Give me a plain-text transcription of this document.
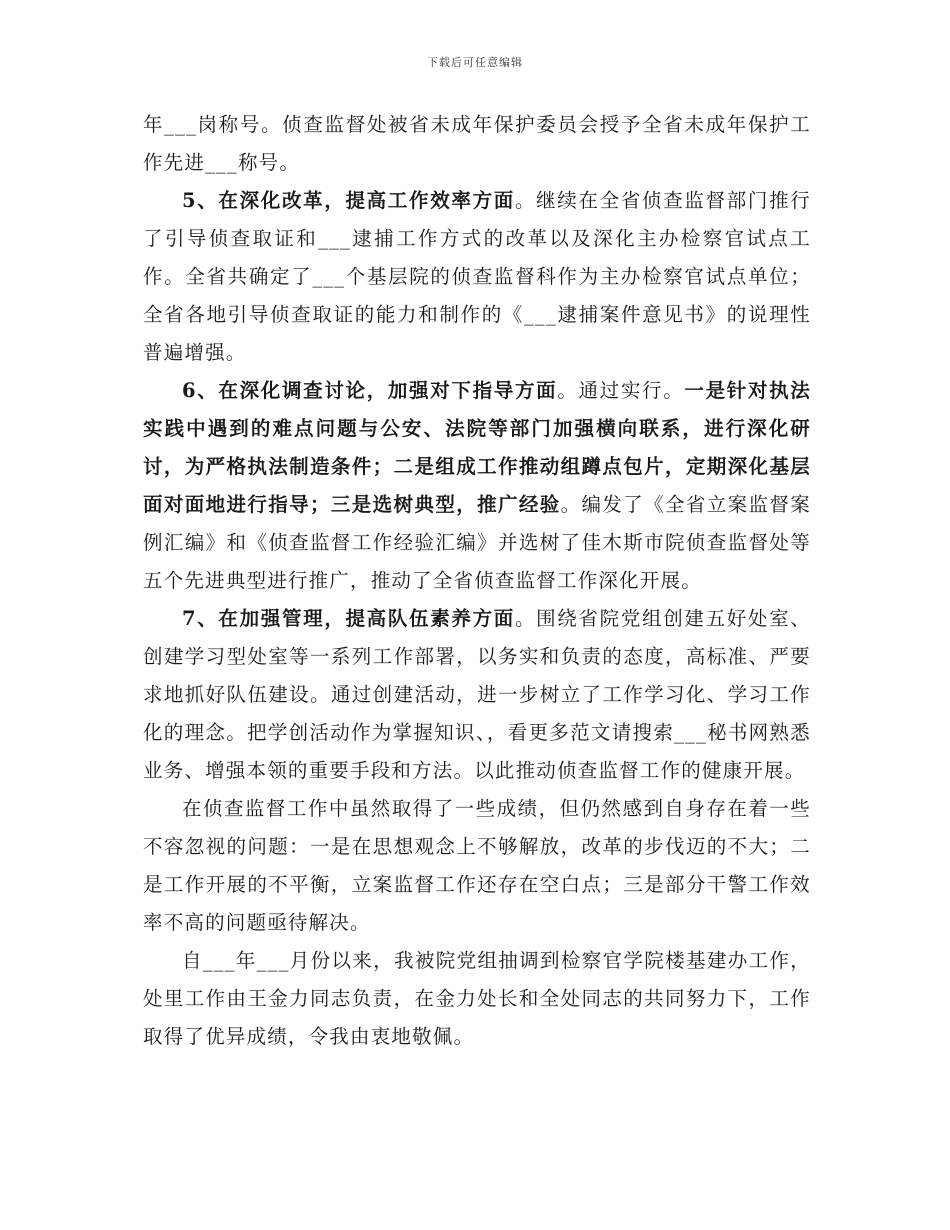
下载后可任意编辑

年___岗称号。侦查监督处被省未成年保护委员会授予全省未成年保护工作先进___称号。

5、在深化改革，提高工作效率方面。继续在全省侦查监督部门推行了引导侦查取证和___逮捕工作方式的改革以及深化主办检察官试点工作。全省共确定了___个基层院的侦查监督科作为主办检察官试点单位；全省各地引导侦查取证的能力和制作的《___逮捕案件意见书》的说理性普遍增强。

6、在深化调查讨论，加强对下指导方面。通过实行。一是针对执法实践中遇到的难点问题与公安、法院等部门加强横向联系，进行深化研讨，为严格执法制造条件；二是组成工作推动组蹲点包片，定期深化基层面对面地进行指导；三是选树典型，推广经验。编发了《全省立案监督案例汇编》和《侦查监督工作经验汇编》并选树了佳木斯市院侦查监督处等五个先进典型进行推广，推动了全省侦查监督工作深化开展。

7、在加强管理，提高队伍素养方面。围绕省院党组创建五好处室、创建学习型处室等一系列工作部署，以务实和负责的态度，高标准、严要求地抓好队伍建设。通过创建活动，进一步树立了工作学习化、学习工作化的理念。把学创活动作为掌握知识、，看更多范文请搜索___秘书网熟悉业务、增强本领的重要手段和方法。以此推动侦查监督工作的健康开展。

在侦查监督工作中虽然取得了一些成绩，但仍然感到自身存在着一些不容忽视的问题：一是在思想观念上不够解放，改革的步伐迈的不大；二是工作开展的不平衡，立案监督工作还存在空白点；三是部分干警工作效率不高的问题亟待解决。

自___年___月份以来，我被院党组抽调到检察官学院楼基建办工作，处里工作由王金力同志负责，在金力处长和全处同志的共同努力下，工作取得了优异成绩，令我由衷地敬佩。
